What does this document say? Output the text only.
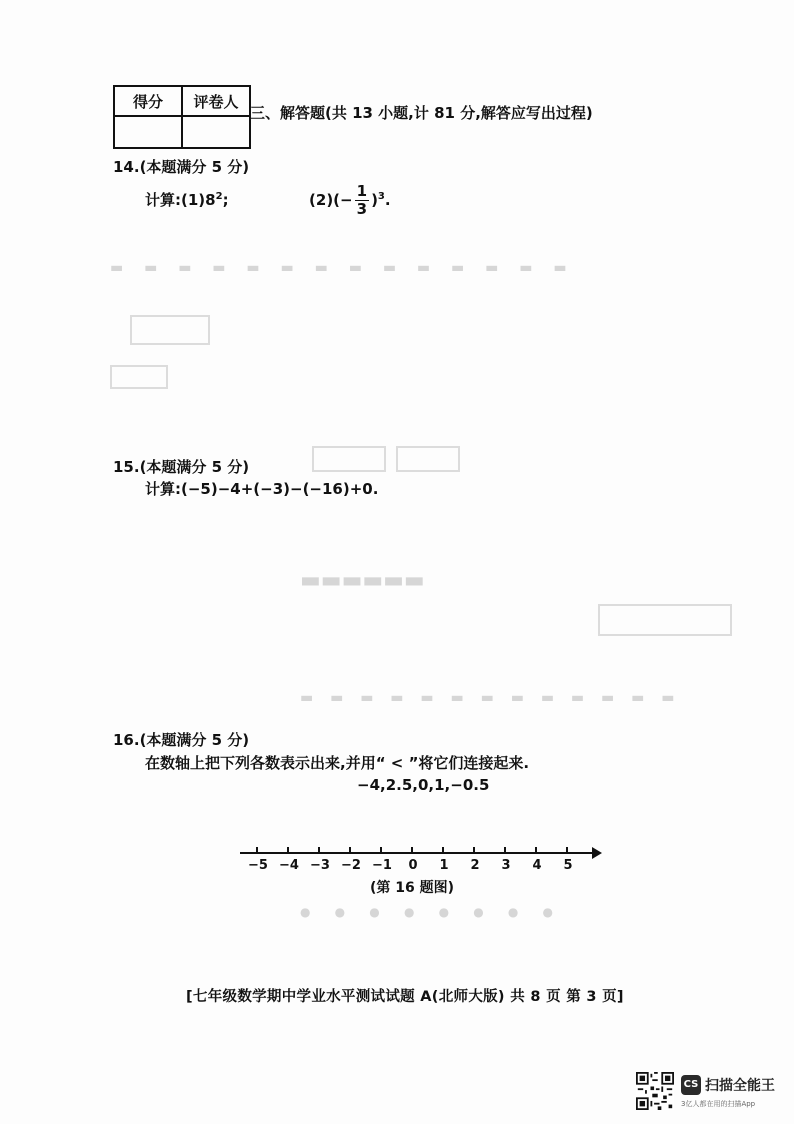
▬▬▬▬▬▬
▬ ▬ ▬ ▬ ▬ ▬ ▬ ▬ ▬ ▬ ▬ ▬ ▬ ▬
▬ ▬ ▬ ▬ ▬ ▬ ▬ ▬ ▬ ▬ ▬ ▬ ▬
● ● ● ● ● ● ● ●
得分	评卷人

三、解答题(共 13 小题,计 81 分,解答应写出过程)
14.(本题满分 5 分)
计算$:(1)8^2$;	$(2)(- \frac{1}{3} )^3$.
15.(本题满分 5 分)
计算:(−5)−4+(−3)−(−16)+0.
16.(本题满分 5 分)
在数轴上把下列各数表示出来,并用“ < ”将它们连接起来.
−4,2.5,0,1,−0.5
−5 −4 −3 −2 −1	0	1	2	3	4	5
(第 16 题图)
[七年级数学期中学业水平测试试题 A(北师大版) 共 8 页 第 3 页]
CS 扫描全能王
3亿人都在用的扫描App
